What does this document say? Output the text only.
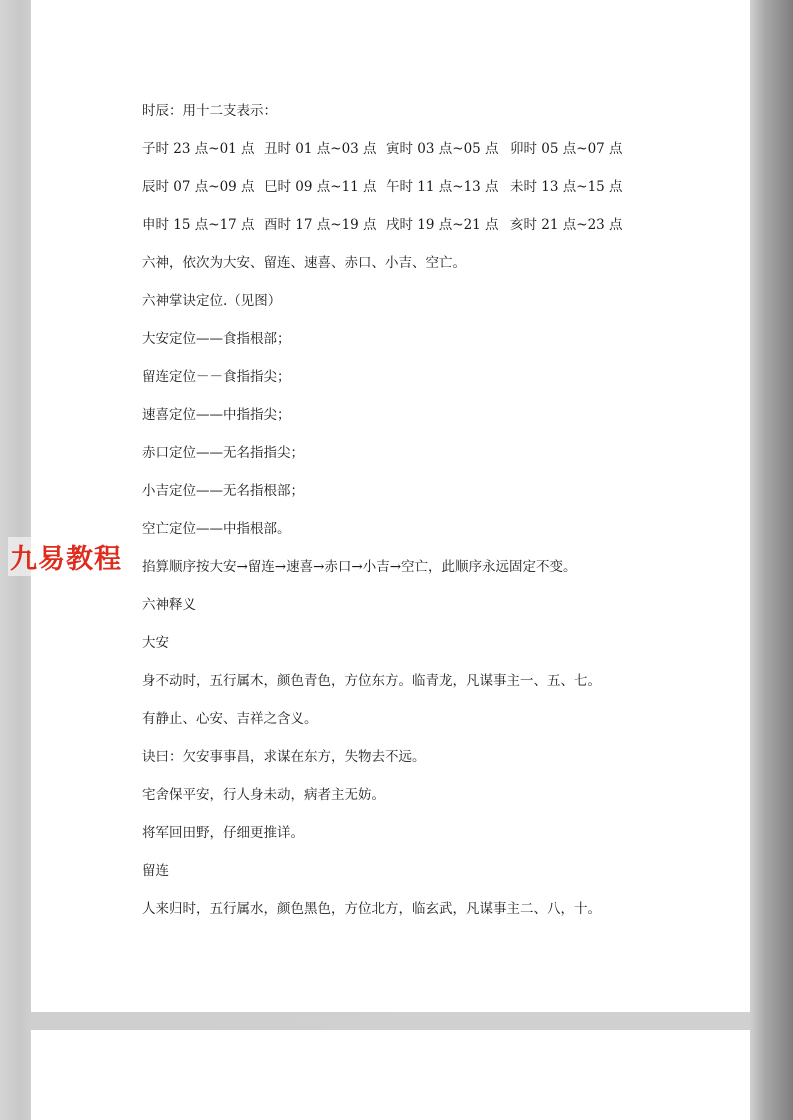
时辰：用十二支表示：
子时 23 点~01 点 丑时 01 点~03 点 寅时 03 点~05 点 卯时 05 点~07 点
辰时 07 点~09 点 巳时 09 点~11 点 午时 11 点~13 点 未时 13 点~15 点
申时 15 点~17 点 酉时 17 点~19 点 戌时 19 点~21 点 亥时 21 点~23 点
六神，依次为大安、留连、速喜、赤口、小吉、空亡。
六神掌诀定位.（见图）
大安定位——食指根部；
留连定位－－食指指尖；
速喜定位——中指指尖；
赤口定位——无名指指尖；
小吉定位——无名指根部；
空亡定位——中指根部。
掐算顺序按大安→留连→速喜→赤口→小吉→空亡，此顺序永远固定不变。
六神释义
大安
身不动时，五行属木，颜色青色，方位东方。临青龙，凡谋事主一、五、七。
有静止、心安、吉祥之含义。
诀曰：欠安事事昌，求谋在东方，失物去不远。
宅舍保平安，行人身未动，病者主无妨。
将军回田野，仔细更推详。
留连
人来归时，五行属水，颜色黑色，方位北方，临玄武，凡谋事主二、八，十。
九易教程
